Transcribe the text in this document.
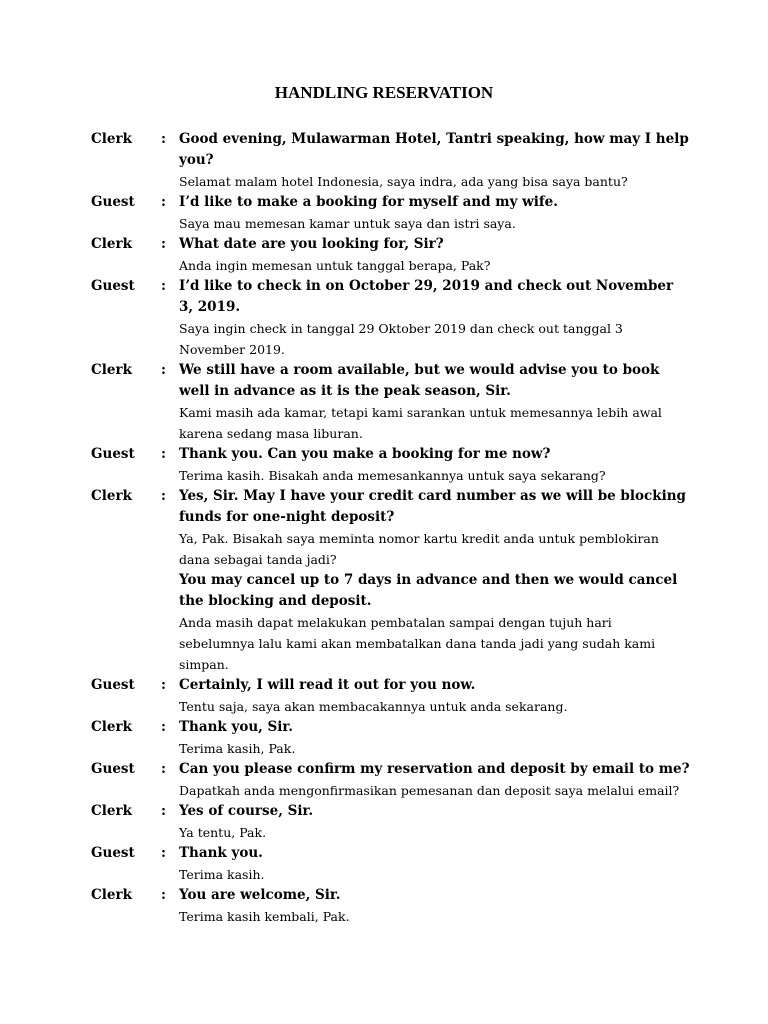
HANDLING RESERVATION
Clerk	: Good evening, Mulawarman Hotel, Tantri speaking, how may I help you?

Selamat malam hotel Indonesia, saya indra, ada yang bisa saya bantu?

Guest	: I’d like to make a booking for myself and my wife.

Saya mau memesan kamar untuk saya dan istri saya.

Clerk	: What date are you looking for, Sir?

Anda ingin memesan untuk tanggal berapa, Pak?

Guest	: I’d like to check in on October 29, 2019 and check out November 3, 2019.

Saya ingin check in tanggal 29 Oktober 2019 dan check out tanggal 3 November 2019.

Clerk	: We still have a room available, but we would advise you to book well in advance as it is the peak season, Sir.

Kami masih ada kamar, tetapi kami sarankan untuk memesannya lebih awal karena sedang masa liburan.

Guest	: Thank you. Can you make a booking for me now?

Terima kasih. Bisakah anda memesankannya untuk saya sekarang?

Clerk	: Yes, Sir. May I have your credit card number as we will be blocking funds for one-night deposit?

Ya, Pak. Bisakah saya meminta nomor kartu kredit anda untuk pemblokiran dana sebagai tanda jadi?

You may cancel up to 7 days in advance and then we would cancel the blocking and deposit.

Anda masih dapat melakukan pembatalan sampai dengan tujuh hari sebelumnya lalu kami akan membatalkan dana tanda jadi yang sudah kami simpan.

Guest	: Certainly, I will read it out for you now.

Tentu saja, saya akan membacakannya untuk anda sekarang.

Clerk	: Thank you, Sir.

Terima kasih, Pak.

Guest	: Can you please confirm my reservation and deposit by email to me?

Dapatkah anda mengonfirmasikan pemesanan dan deposit saya melalui email?

Clerk	: Yes of course, Sir.

Ya tentu, Pak.

Guest	: Thank you.

Terima kasih.

Clerk	: You are welcome, Sir.

Terima kasih kembali, Pak.
